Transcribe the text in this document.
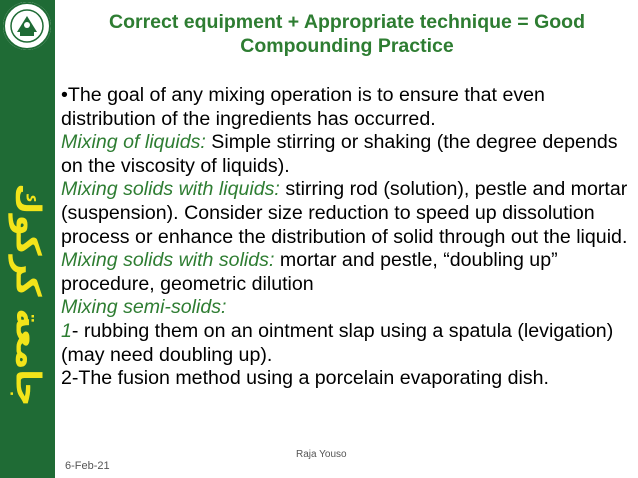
جامعة كركوك
Correct equipment + Appropriate technique = Good Compounding Practice

•The goal of any mixing operation is to ensure that even distribution of the ingredients has occurred.

Mixing of liquids: Simple stirring or shaking (the degree depends on the viscosity of liquids).

Mixing solids with liquids: stirring rod (solution), pestle and mortar (suspension). Consider size reduction to speed up dissolution process or enhance the distribution of solid through out the liquid.

Mixing solids with solids: mortar and pestle, “doubling up” procedure, geometric dilution

Mixing semi-solids:

1- rubbing them on an ointment slap using a spatula (levigation)(may need doubling up).

2-The fusion method using a porcelain evaporating dish.

Raja Youso
6-Feb-21
